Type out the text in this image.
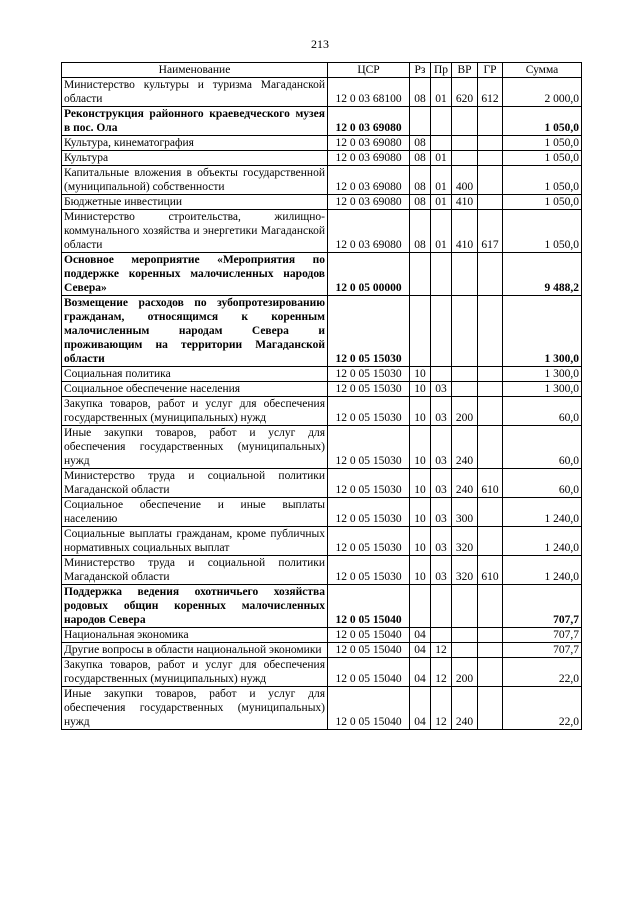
213
Наименование	ЦСР	Рз	Пр	ВР	ГР	Сумма
Министерство культуры и туризма Магаданской области	12 0 03 68100	08	01	620	612	2 000,0
Реконструкция районного краеведческого музея в пос. Ола	12 0 03 69080					1 050,0
Культура, кинематография	12 0 03 69080	08				1 050,0
Культура	12 0 03 69080	08	01			1 050,0
Капитальные вложения в объекты государственной (муниципальной) собственности	12 0 03 69080	08	01	400		1 050,0
Бюджетные инвестиции	12 0 03 69080	08	01	410		1 050,0
Министерство строительства, жилищно-коммунального хозяйства и энергетики Магаданской области	12 0 03 69080	08	01	410	617	1 050,0
Основное мероприятие «Мероприятия по поддержке коренных малочисленных народов Севера»	12 0 05 00000					9 488,2
Возмещение расходов по зубопротезированию гражданам, относящимся к коренным малочисленным народам Севера и проживающим на территории Магаданской области	12 0 05 15030					1 300,0
Социальная политика	12 0 05 15030	10				1 300,0
Социальное обеспечение населения	12 0 05 15030	10	03			1 300,0
Закупка товаров, работ и услуг для обеспечения государственных (муниципальных) нужд	12 0 05 15030	10	03	200		60,0
Иные закупки товаров, работ и услуг для обеспечения государственных (муниципальных) нужд	12 0 05 15030	10	03	240		60,0
Министерство труда и социальной политики Магаданской области	12 0 05 15030	10	03	240	610	60,0
Социальное обеспечение и иные выплаты населению	12 0 05 15030	10	03	300		1 240,0
Социальные выплаты гражданам, кроме публичных нормативных социальных выплат	12 0 05 15030	10	03	320		1 240,0
Министерство труда и социальной политики Магаданской области	12 0 05 15030	10	03	320	610	1 240,0
Поддержка ведения охотничьего хозяйства родовых общин коренных малочисленных народов Севера	12 0 05 15040					707,7
Национальная экономика	12 0 05 15040	04				707,7
Другие вопросы в области национальной экономики	12 0 05 15040	04	12			707,7
Закупка товаров, работ и услуг для обеспечения государственных (муниципальных) нужд	12 0 05 15040	04	12	200		22,0
Иные закупки товаров, работ и услуг для обеспечения государственных (муниципальных) нужд	12 0 05 15040	04	12	240		22,0
